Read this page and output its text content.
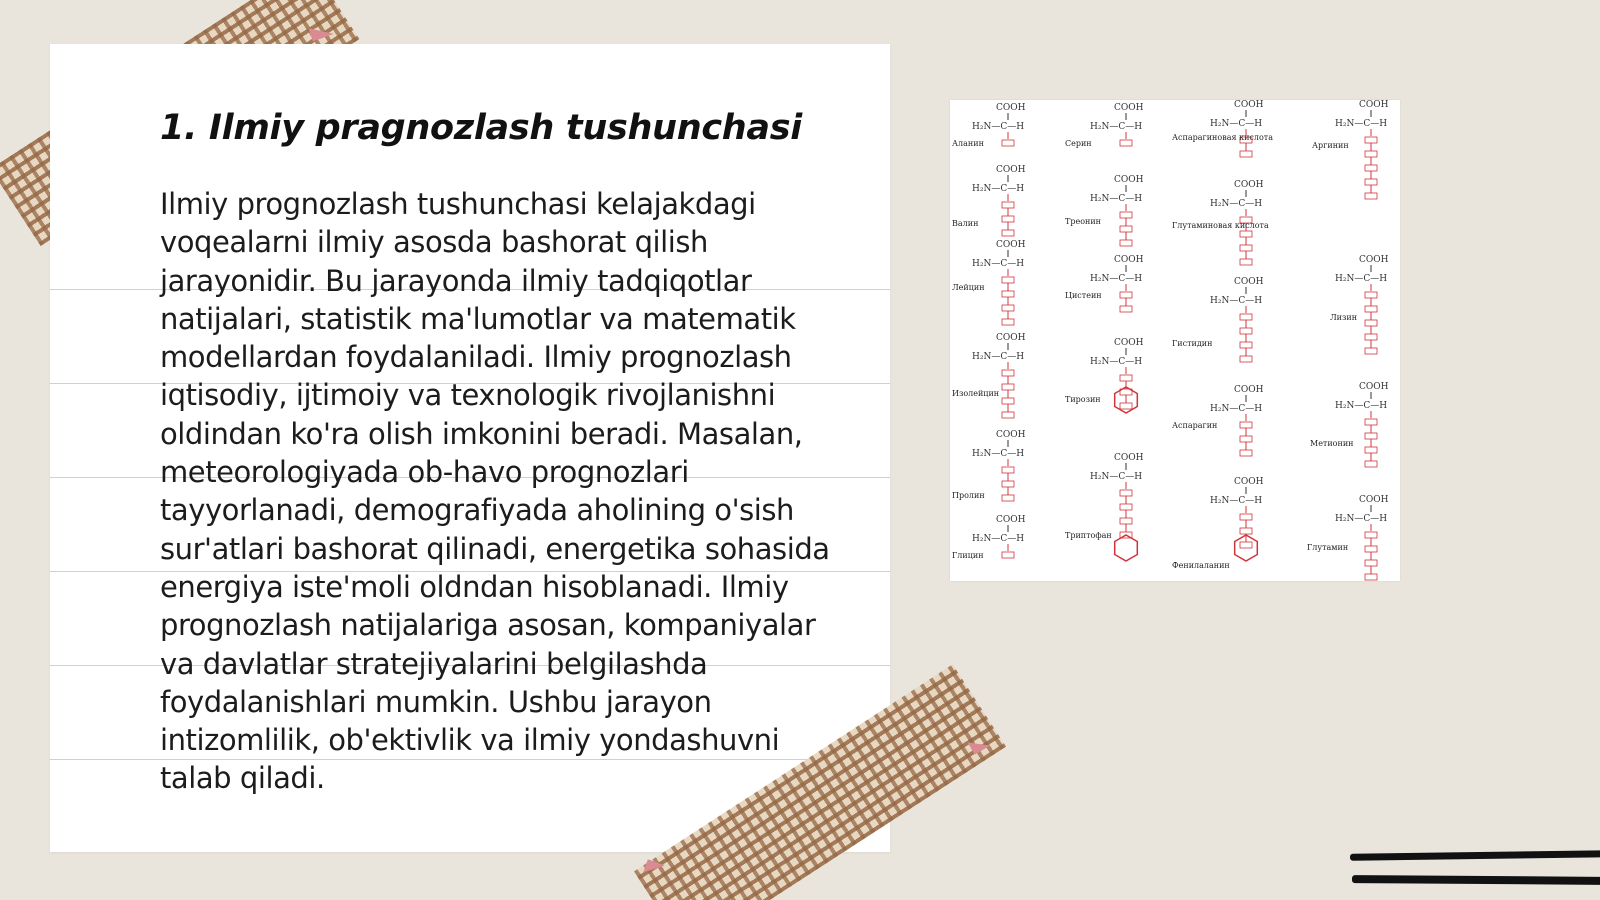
1. Ilmiy pragnozlash tushunchasi

Ilmiy prognozlash tushunchasi kelajakdagi voqealarni ilmiy asosda bashorat qilish jarayonidir. Bu jarayonda ilmiy tadqiqotlar natijalari, statistik ma'lumotlar va matematik modellardan foydalaniladi. Ilmiy prognozlash iqtisodiy, ijtimoiy va texnologik rivojlanishni oldindan ko'ra olish imkonini beradi. Masalan, meteorologiyada ob-havo prognozlari tayyorlanadi, demografiyada aholining o'sish sur'atlari bashorat qilinadi, energetika sohasida energiya iste'moli oldndan hisoblanadi. Ilmiy prognozlash natijalariga asosan, kompaniyalar va davlatlar stratejiyalarini belgilashda foydalanishlari mumkin. Ushbu jarayon intizomlilik, ob'ektivlik va ilmiy yondashuvni talab qiladi.

COOH
H₂N—C—H
Аланин
COOH
H₂N—C—H
Серин
COOH
H₂N—C—H
Аспарагиновая кислота
COOH
H₂N—C—H
Аргинин
COOH
H₂N—C—H
Валин
COOH
H₂N—C—H
Треонин
COOH
H₂N—C—H
Глутаминовая кислота
COOH
H₂N—C—H
Лейцин
COOH
H₂N—C—H
Цистеин
COOH
H₂N—C—H
Лизин
COOH
H₂N—C—H
Изолейцин
COOH
H₂N—C—H
Тирозин
COOH
H₂N—C—H
Гистидин
COOH
H₂N—C—H
Пролин
COOH
H₂N—C—H
Аспарагин
COOH
H₂N—C—H
Метионин
COOH
H₂N—C—H
Глицин
COOH
H₂N—C—H
Триптофан
COOH
H₂N—C—H
Фенилаланин
COOH
H₂N—C—H
Глутамин
